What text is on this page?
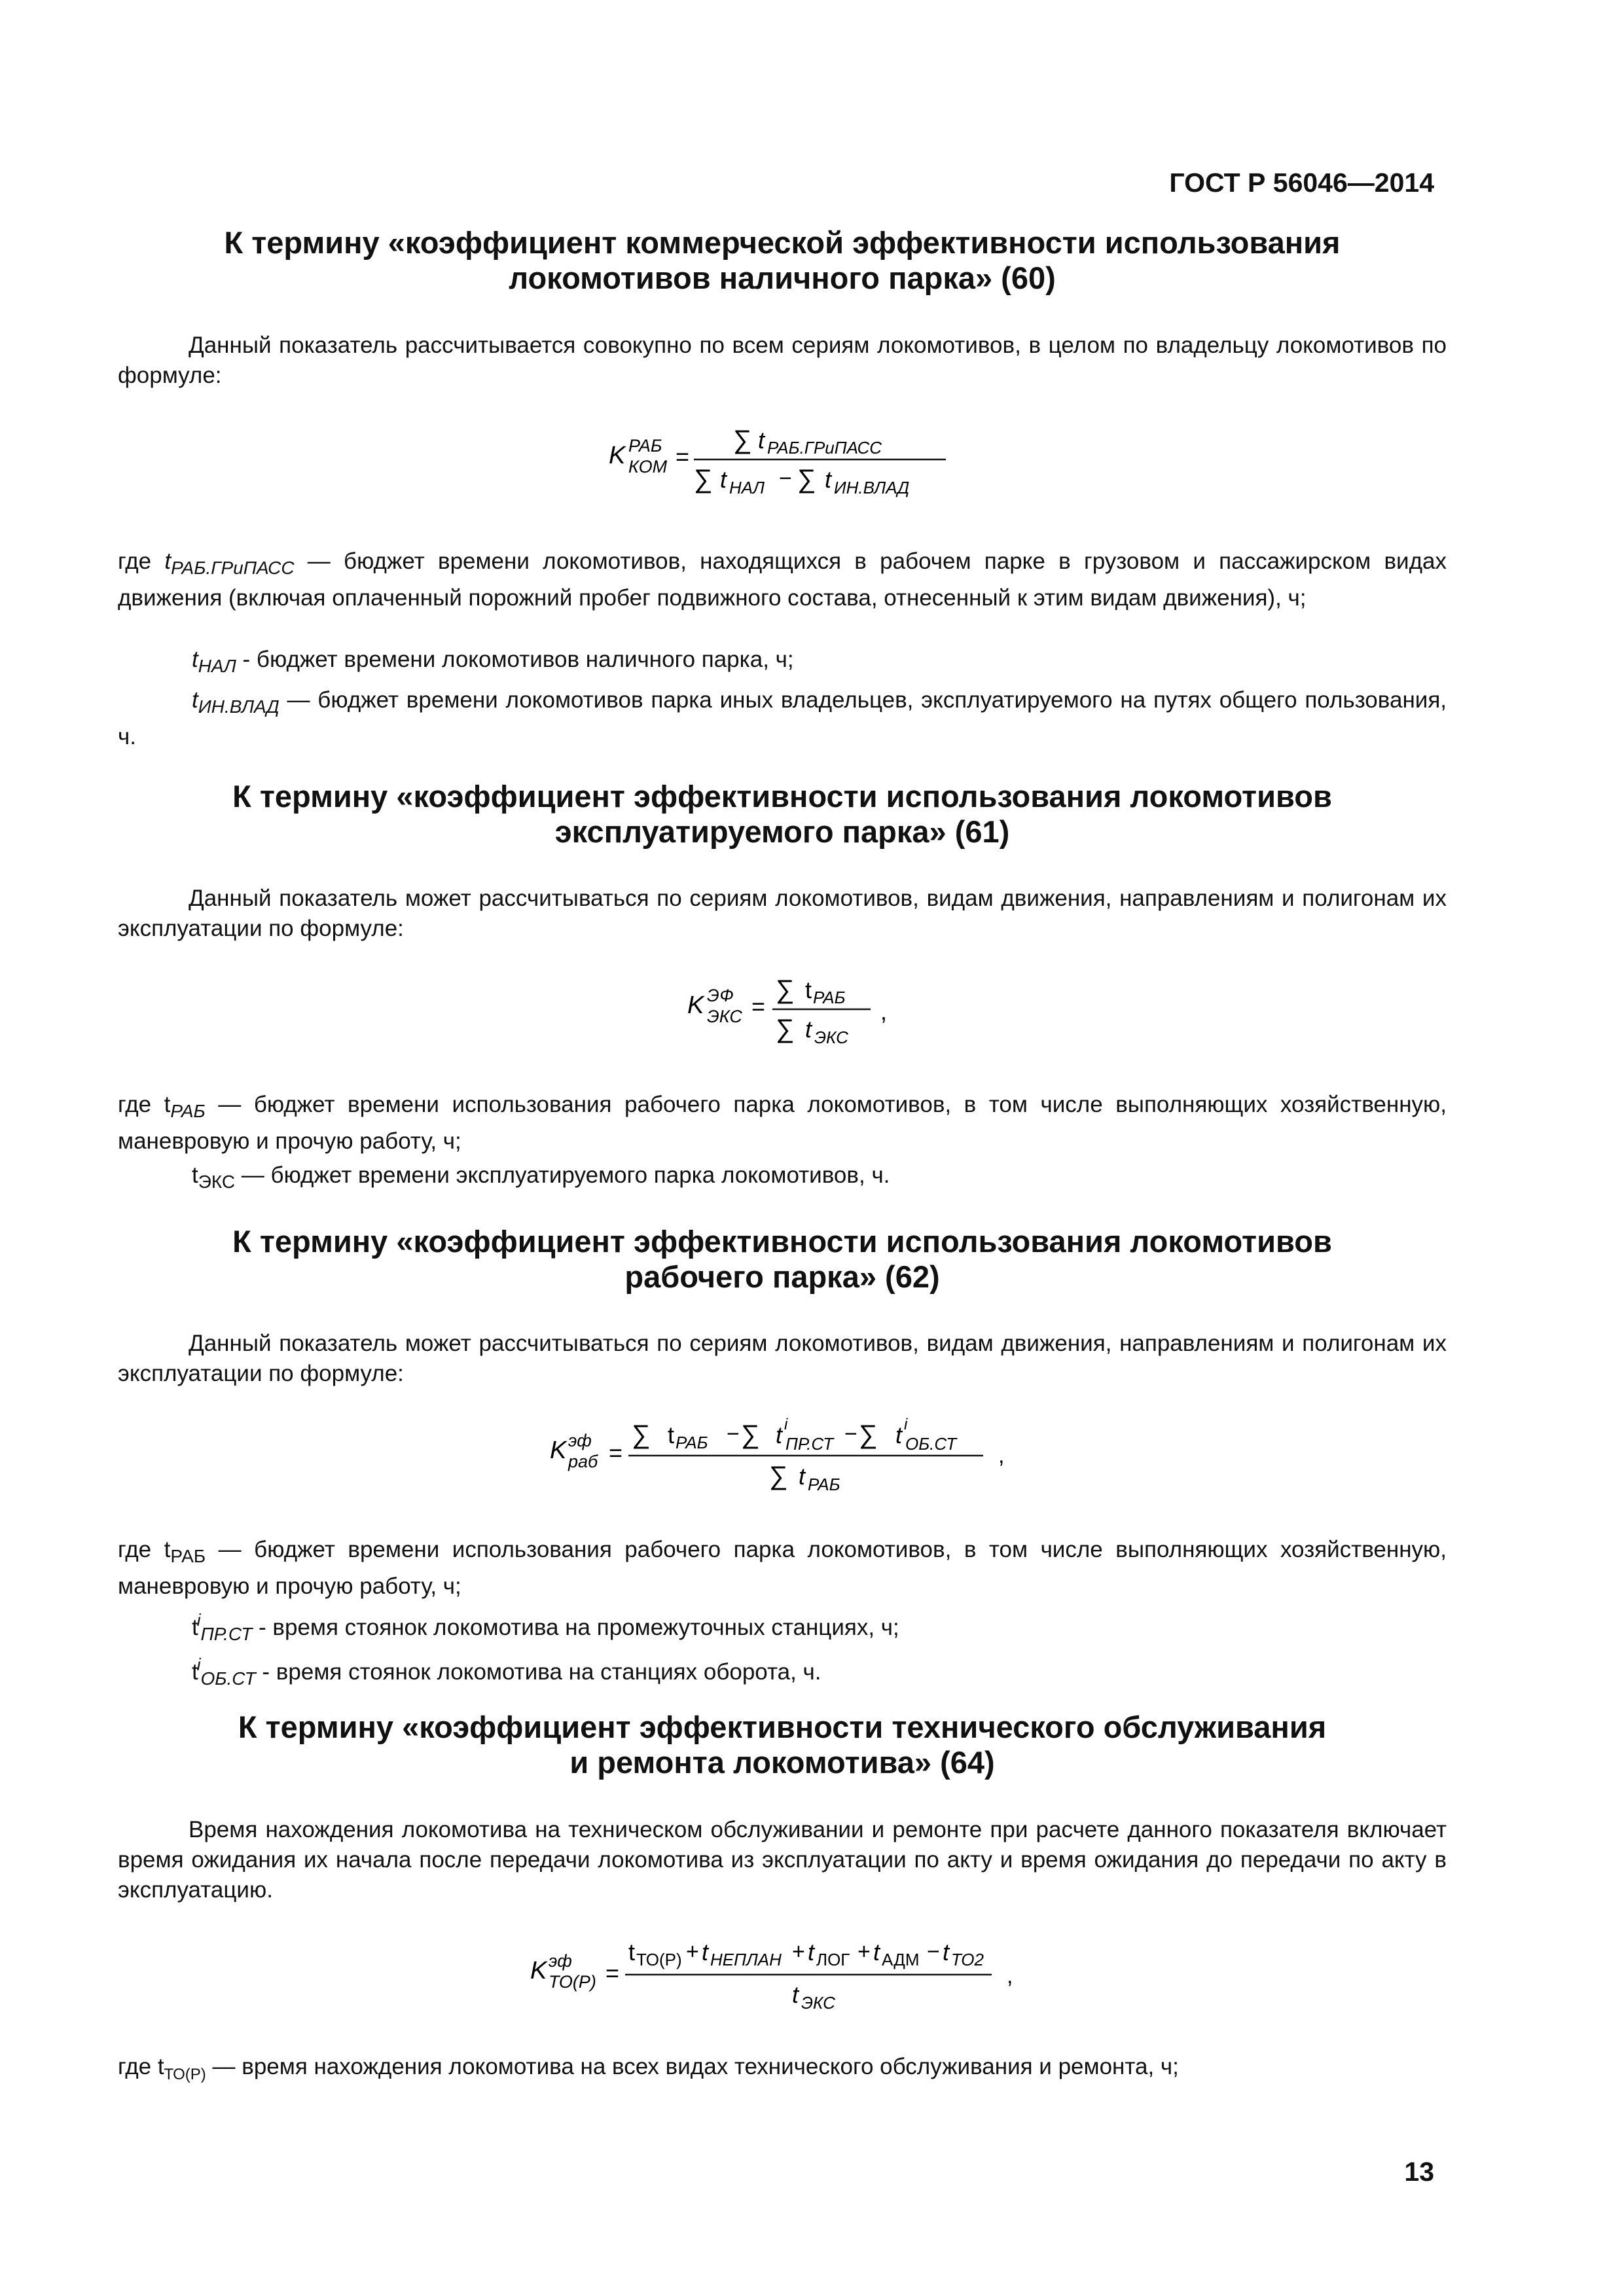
ГОСТ Р 56046—2014
К термину «коэффициент коммерческой эффективности использования
локомотивов наличного парка» (60)
Данный показатель рассчитывается совокупно по всем сериям локомотивов, в целом по владельцу локомотивов по формуле:
K РАБ
КОМ =
∑ t РАБ.ГРиПАСС
∑ t НАЛ − ∑ t ИН.ВЛАД
где $t_{РАБ.ГРиПАСС}$ — бюджет времени локомотивов, находящихся в рабочем парке в грузовом и пассажирском видах движения (включая оплаченный порожний пробег подвижного состава, отнесенный к этим видам движения), ч;
$t_{НАЛ}$ - бюджет времени локомотивов наличного парка, ч;
$t_{ИН.ВЛАД}$ — бюджет времени локомотивов парка иных владельцев, эксплуатируемого на путях общего пользования, ч.
К термину «коэффициент эффективности использования локомотивов
эксплуатируемого парка» (61)
Данный показатель может рассчитываться по сериям локомотивов, видам движения, направлениям и полигонам их эксплуатации по формуле:
K ЭФ
ЭКС =
∑ t РАБ
∑ t ЭКС
,
где $t_{РАБ}$ — бюджет времени использования рабочего парка локомотивов, в том числе выполняющих хозяйственную, маневровую и прочую работу, ч;
$t_{ЭКС}$ — бюджет времени эксплуатируемого парка локомотивов, ч.
К термину «коэффициент эффективности использования локомотивов
рабочего парка» (62)
Данный показатель может рассчитываться по сериям локомотивов, видам движения, направлениям и полигонам их эксплуатации по формуле:
K эф
раб =
∑ t РАБ − ∑ t i
ПР.СТ − ∑ t i
ОБ.СТ
∑ t РАБ
,
где $t_{РАБ}$ — бюджет времени использования рабочего парка локомотивов, в том числе выполняющих хозяйственную, маневровую и прочую работу, ч;
$t^i_{ПР.СТ}$ - время стоянок локомотива на промежуточных станциях, ч;
$t^i_{ОБ.СТ}$ - время стоянок локомотива на станциях оборота, ч.
К термину «коэффициент эффективности технического обслуживания
и ремонта локомотива» (64)
Время нахождения локомотива на техническом обслуживании и ремонте при расчете данного показателя включает время ожидания их начала после передачи локомотива из эксплуатации по акту и время ожидания до передачи по акту в эксплуатацию.
K эф
ТО(Р) =
t ТО(Р) + t НЕПЛАН + t ЛОГ + t АДМ − t ТО2
t ЭКС
,
где $t_{ТО(Р)}$ — время нахождения локомотива на всех видах технического обслуживания и ремонта, ч;
13
